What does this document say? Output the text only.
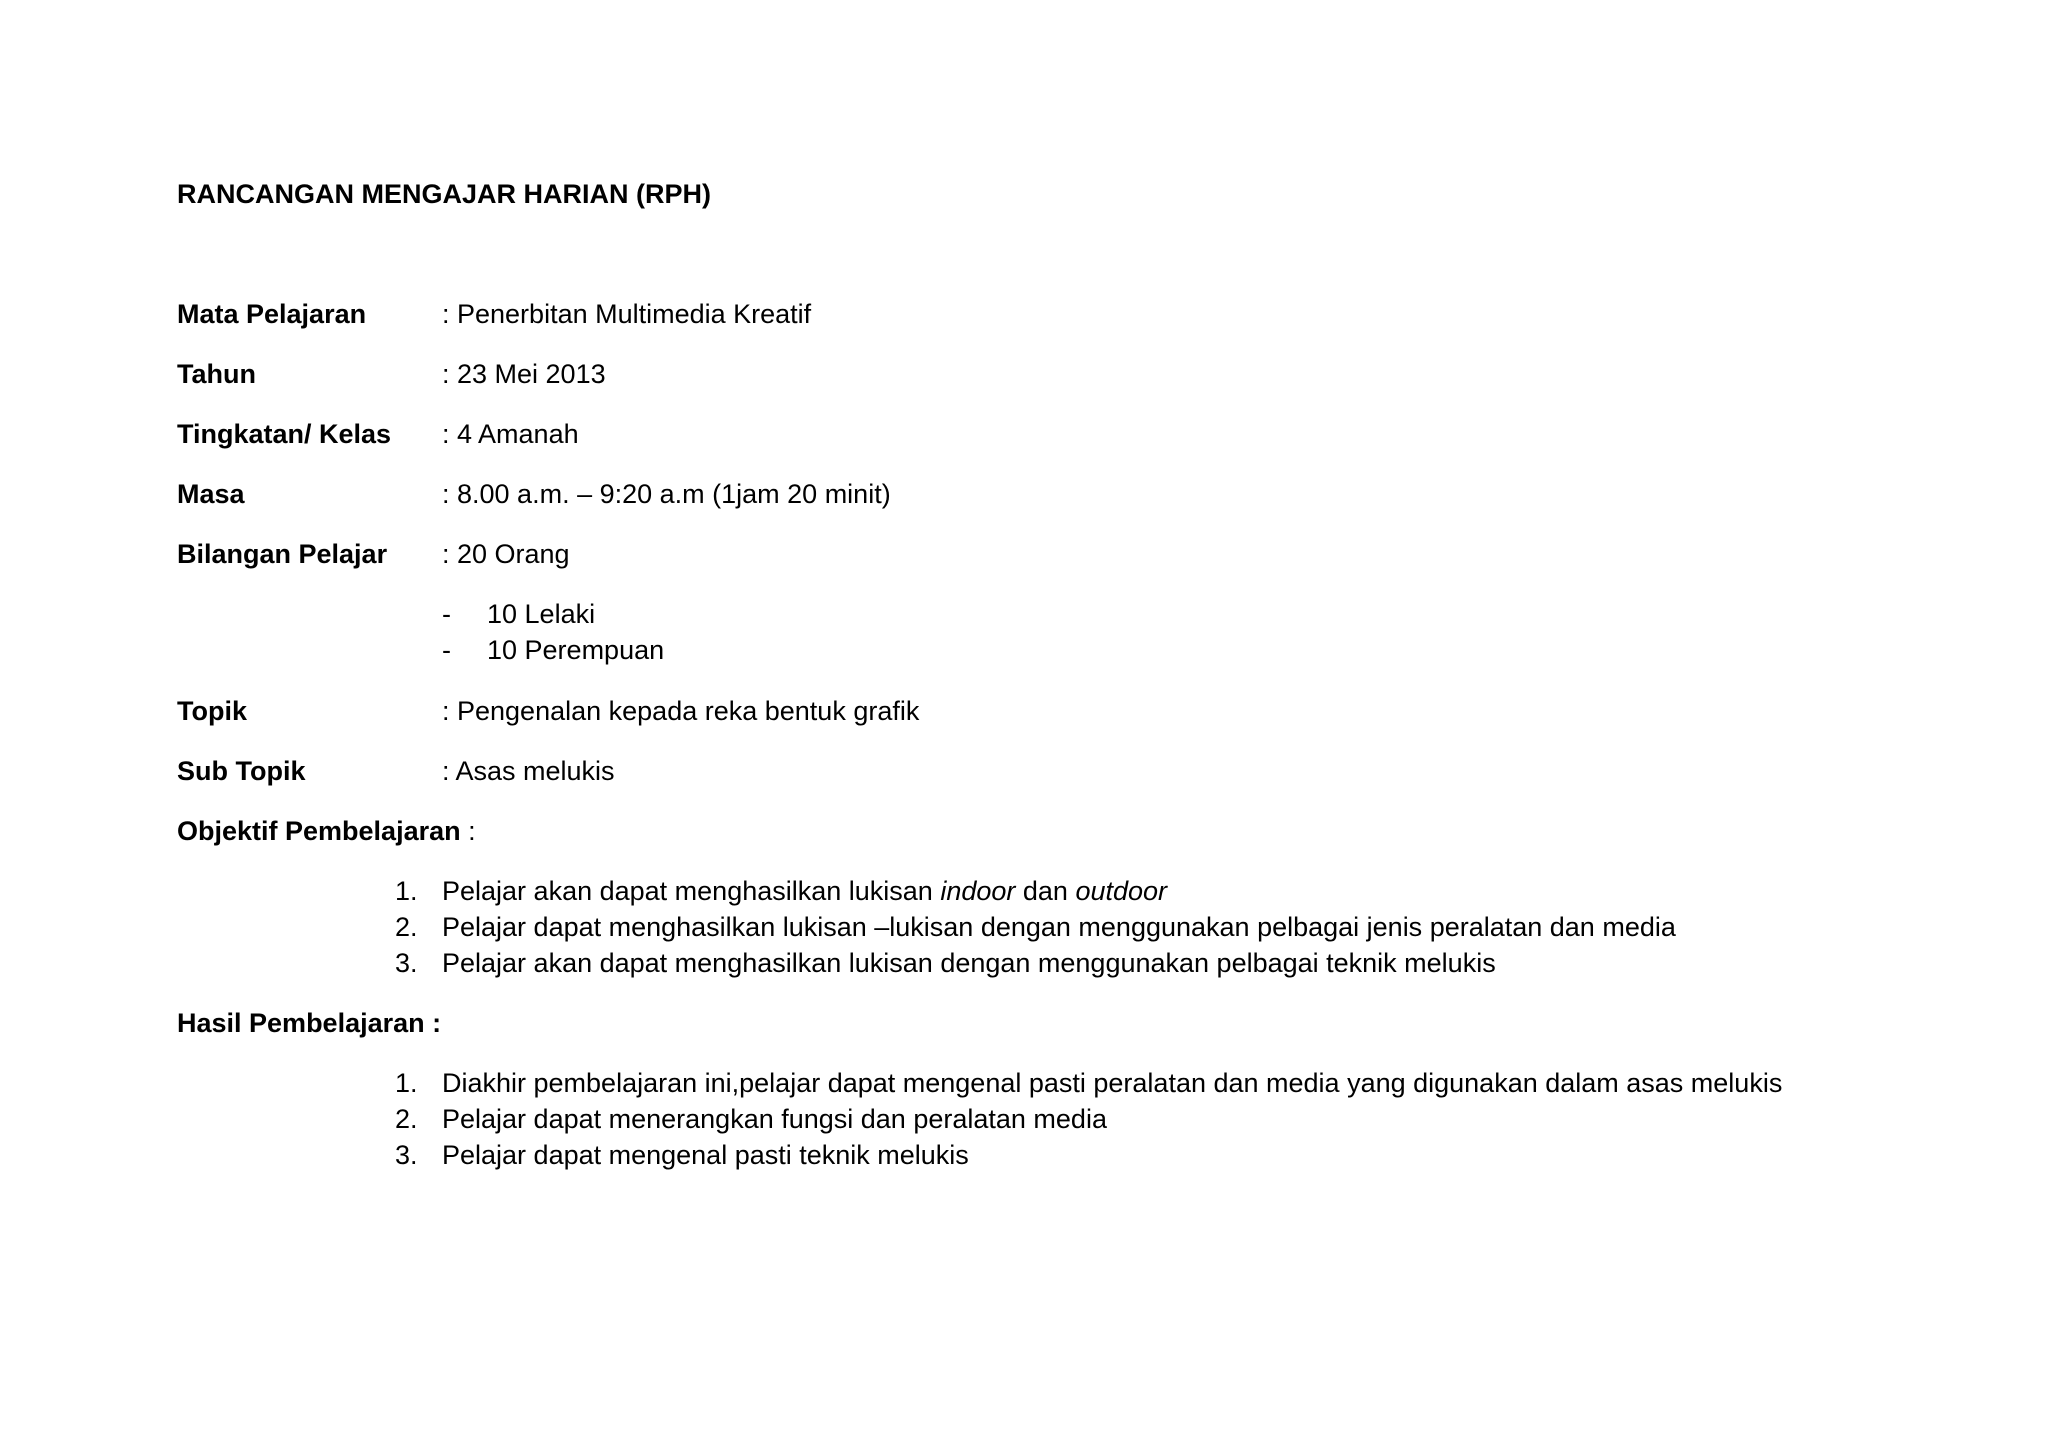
RANCANGAN MENGAJAR HARIAN (RPH)
Mata Pelajaran	: Penerbitan Multimedia Kreatif
Tahun	: 23 Mei 2013
Tingkatan/ Kelas : 4 Amanah
Masa	: 8.00 a.m. – 9:20 a.m (1jam 20 minit)
Bilangan Pelajar : 20 Orang
- 10 Lelaki
- 10 Perempuan
Topik	: Pengenalan kepada reka bentuk grafik
Sub Topik	: Asas melukis
Objektif Pembelajaran :
1. Pelajar akan dapat menghasilkan lukisan indoor dan outdoor
2. Pelajar dapat menghasilkan lukisan –lukisan dengan menggunakan pelbagai jenis peralatan dan media
3. Pelajar akan dapat menghasilkan lukisan dengan menggunakan pelbagai teknik melukis
Hasil Pembelajaran :
1. Diakhir pembelajaran ini,pelajar dapat mengenal pasti peralatan dan media yang digunakan dalam asas melukis
2. Pelajar dapat menerangkan fungsi dan peralatan media
3. Pelajar dapat mengenal pasti teknik melukis
